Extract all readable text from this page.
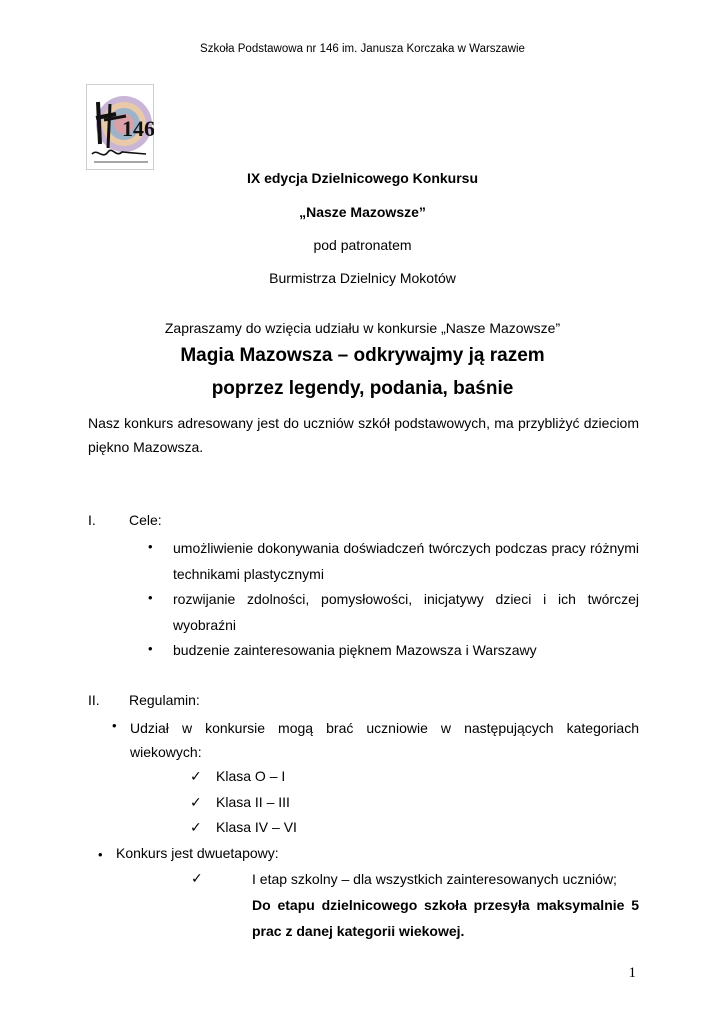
Szkoła Podstawowa nr 146 im. Janusza Korczaka w Warszawie
146
IX edycja Dzielnicowego Konkursu
„Nasze Mazowsze”
pod patronatem
Burmistrza Dzielnicy Mokotów
Zapraszamy do wzięcia udziału w konkursie „Nasze Mazowsze”
Magia Mazowsza – odkrywajmy ją razem
poprzez legendy, podania, baśnie
Nasz konkurs adresowany jest do uczniów szkół podstawowych, ma przybliżyć dzieciom piękno Mazowsza.
I. Cele:
• umożliwienie dokonywania doświadczeń twórczych podczas pracy różnymi technikami plastycznymi
• rozwijanie zdolności, pomysłowości, inicjatywy dzieci i ich twórczej wyobraźni
• budzenie zainteresowania pięknem Mazowsza i Warszawy
II. Regulamin:
• Udział w konkursie mogą brać uczniowie w następujących kategoriach wiekowych:
✓ Klasa O – I
✓ Klasa II – III
✓ Klasa IV – VI
• Konkurs jest dwuetapowy:
✓	I etap szkolny – dla wszystkich zainteresowanych uczniów;
Do etapu dzielnicowego szkoła przesyła maksymalnie 5 prac z danej kategorii wiekowej.
1
